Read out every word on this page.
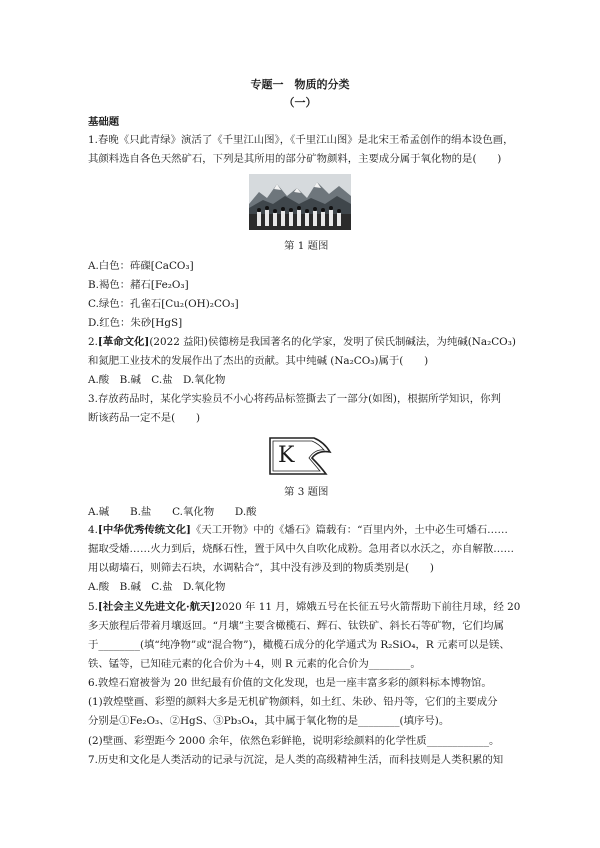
专题一　物质的分类
（一）
基础题
1.春晚《只此青绿》演活了《千里江山图》，《千里江山图》是北宋王希孟创作的绢本设色画，
其颜料选自各色天然矿石，下列是其所用的部分矿物颜料，主要成分属于氧化物的是(　　)
第 1 题图
A.白色：砗磲[CaCO₃]
B.褐色：赭石[Fe₂O₃]
C.绿色：孔雀石[Cu₂(OH)₂CO₃]
D.红色：朱砂[HgS]
2.[革命文化](2022 益阳)侯德榜是我国著名的化学家，发明了侯氏制碱法，为纯碱(Na₂CO₃)
和氮肥工业技术的发展作出了杰出的贡献。其中纯碱 (Na₂CO₃)属于(　　)
A.酸　B.碱　C.盐　D.氧化物
3.存放药品时，某化学实验员不小心将药品标签撕去了一部分(如图)，根据所学知识，你判
断该药品一定不是(　　)
K
第 3 题图
A.碱　　B.盐　　C.氧化物　　D.酸
4.[中华优秀传统文化]《天工开物》中的《燔石》篇载有：“百里内外，土中必生可燔石……
掘取受燔……火力到后，烧酥石性，置于风中久自吹化成粉。急用者以水沃之，亦自解散……
用以砌墙石，则筛去石块，水调粘合”，其中没有涉及到的物质类别是(　　)
A.酸　B.碱　C.盐　D.氧化物
5.[社会主义先进文化·航天]2020 年 11 月，嫦娥五号在长征五号火箭帮助下前往月球，经 20
多天旅程后带着月壤返回。“月壤”主要含橄榄石、辉石、钛铁矿、斜长石等矿物，它们均属
于________(填“纯净物”或“混合物”)，橄榄石成分的化学通式为 R₂SiO₄，R 元素可以是镁、
铁、锰等，已知硅元素的化合价为＋4，则 R 元素的化合价为________。
6.敦煌石窟被誉为 20 世纪最有价值的文化发现，也是一座丰富多彩的颜料标本博物馆。
(1)敦煌壁画、彩塑的颜料大多是无机矿物颜料，如土红、朱砂、铅丹等，它们的主要成分
分别是①Fe₂O₃、②HgS、③Pb₃O₄，其中属于氧化物的是________(填序号)。
(2)壁画、彩塑距今 2000 余年，依然色彩鲜艳，说明彩绘颜料的化学性质____________。
7.历史和文化是人类活动的记录与沉淀，是人类的高级精神生活，而科技则是人类积累的知
